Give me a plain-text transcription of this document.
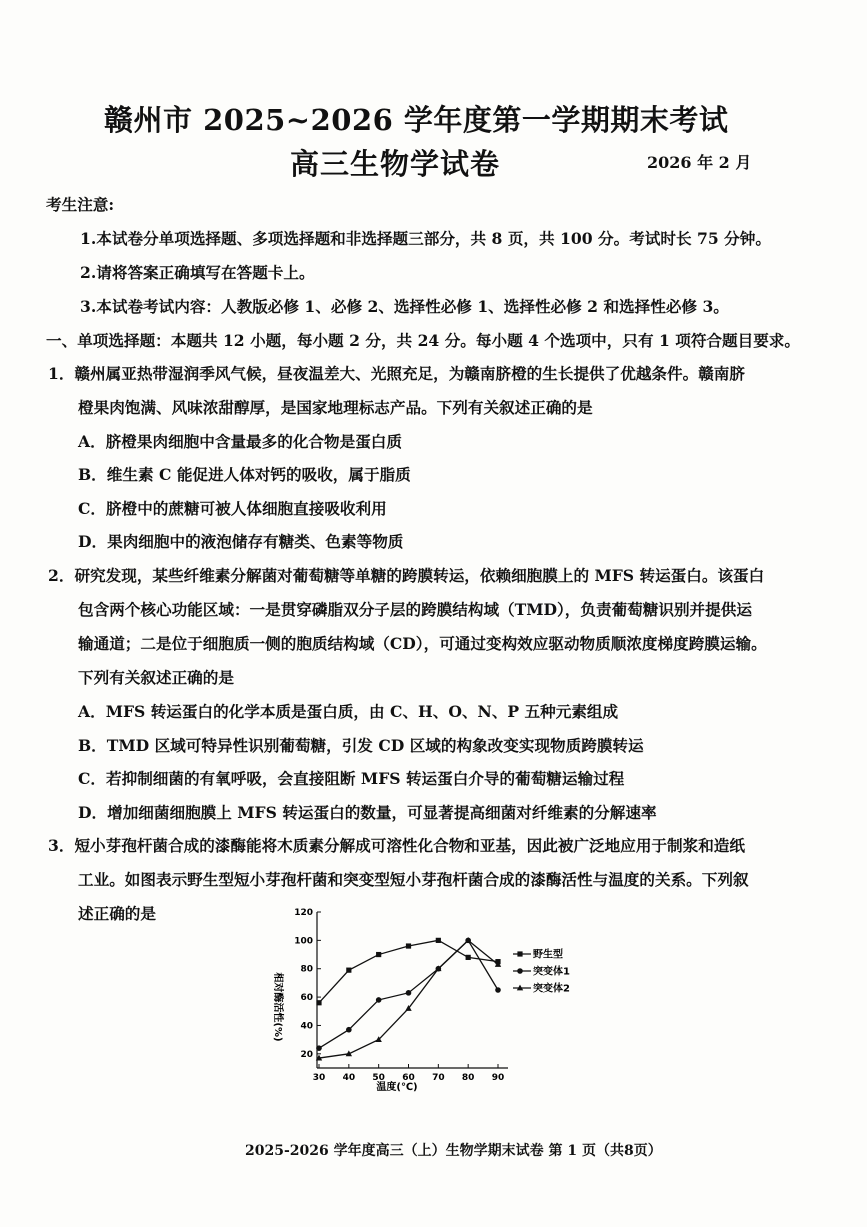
赣州市 2025~2026 学年度第一学期期末考试
高三生物学试卷	2026 年 2 月
考生注意:
1.本试卷分单项选择题、多项选择题和非选择题三部分，共 8 页，共 100 分。考试时长 75 分钟。
2.请将答案正确填写在答题卡上。
3.本试卷考试内容：人教版必修 1、必修 2、选择性必修 1、选择性必修 2 和选择性必修 3。
一、单项选择题：本题共 12 小题，每小题 2 分，共 24 分。每小题 4 个选项中，只有 1 项符合题目要求。
1．赣州属亚热带湿润季风气候，昼夜温差大、光照充足，为赣南脐橙的生长提供了优越条件。赣南脐
橙果肉饱满、风味浓甜醇厚，是国家地理标志产品。下列有关叙述正确的是
A．脐橙果肉细胞中含量最多的化合物是蛋白质
B．维生素 C 能促进人体对钙的吸收，属于脂质
C．脐橙中的蔗糖可被人体细胞直接吸收利用
D．果肉细胞中的液泡储存有糖类、色素等物质
2．研究发现，某些纤维素分解菌对葡萄糖等单糖的跨膜转运，依赖细胞膜上的 MFS 转运蛋白。该蛋白
包含两个核心功能区域：一是贯穿磷脂双分子层的跨膜结构域（TMD），负责葡萄糖识别并提供运
输通道；二是位于细胞质一侧的胞质结构域（CD），可通过变构效应驱动物质顺浓度梯度跨膜运输。
下列有关叙述正确的是
A．MFS 转运蛋白的化学本质是蛋白质，由 C、H、O、N、P 五种元素组成
B．TMD 区域可特异性识别葡萄糖，引发 CD 区域的构象改变实现物质跨膜转运
C．若抑制细菌的有氧呼吸，会直接阻断 MFS 转运蛋白介导的葡萄糖运输过程
D．增加细菌细胞膜上 MFS 转运蛋白的数量，可显著提高细菌对纤维素的分解速率
3．短小芽孢杆菌合成的漆酶能将木质素分解成可溶性化合物和亚基，因此被广泛地应用于制浆和造纸
工业。如图表示野生型短小芽孢杆菌和突变型短小芽孢杆菌合成的漆酶活性与温度的关系。下列叙
述正确的是
20
40
60
80
100
120
30 40 50 60 70 80 90
野生型
突变体1
突变体2
温度(℃)
相对酶活性(%)
2025-2026 学年度高三（上）生物学期末试卷 第 1 页（共8页）
